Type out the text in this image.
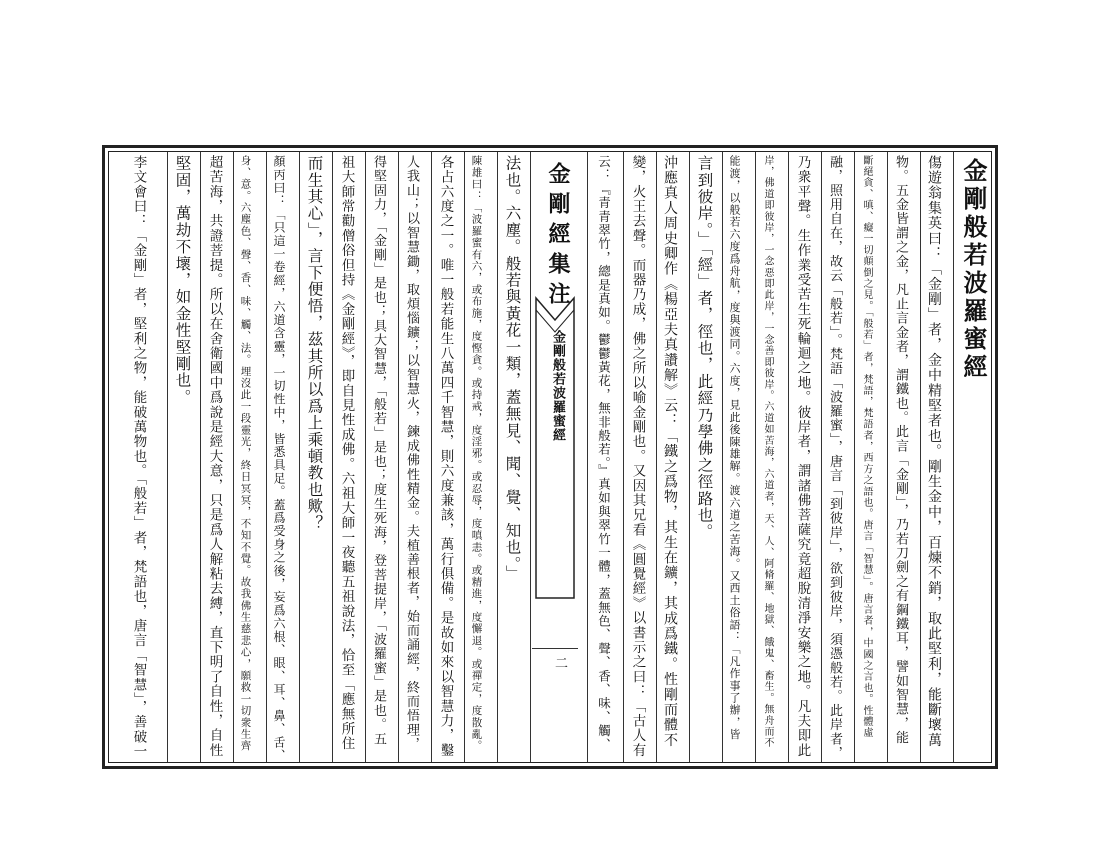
金剛般若波羅蜜經
傷遊翁集英曰：「金剛」者，金中精堅者也。剛生金中，百煉不銷，取此堅利，能斷壞萬
物。五金皆謂之金，凡止言金者，謂鐵也。此言「金剛」，乃若刀劍之有鋼鐵耳，譬如智慧，能
斷絕貪、嗔、癡一切顛倒之見。「般若」者，梵語，梵語者，西方之語也。唐言「智慧」。唐言者，中國之言也。性體虛
融，照用自在，故云「般若」。梵語「波羅蜜」，唐言「到彼岸」，欲到彼岸，須憑般若。此岸者，
乃衆平聲。生作業受苦生死輪迴之地。彼岸者，謂諸佛菩薩究竟超脫清淨安樂之地。凡夫即此
岸，佛道即彼岸，一念惡即此岸，一念善即彼岸。六道如苦海，六道者，天、人、阿脩羅、地獄、餓鬼、畜生。無舟而不
能渡，以般若六度爲舟航，度與渡同。六度，見此後陳雄解。渡六道之苦海。又西土俗語：「凡作事了辦，皆
言到彼岸。」「經」者，徑也，此經乃學佛之徑路也。
沖應真人周史卿作《楊亞夫真讚解》云：「鐵之爲物，其生在鑛，其成爲鐵。性剛而體不
變，火王去聲。而器乃成，佛之所以喻金剛也。又因其兄看《圓覺經》以書示之曰：「古人有
云：『青青翠竹，總是真如。鬱鬱黃花，無非般若。』真如與翠竹一體，蓋無色、聲、香、味、觸、
金剛經集注
金剛般若波羅蜜經
二
法也。六塵。般若與黃花一類，蓋無見、聞、覺、知也。」
陳雄曰：「波羅蜜有六，或布施，度慳貪。或持戒，度淫邪。或忍辱，度嗔恚。或精進，度懈退。或禪定，度散亂。
各占六度之一。唯一般若能生八萬四千智慧，則六度兼該，萬行俱備。是故如來以智慧力，鑿
人我山；以智慧鋤，取煩惱鑛；以智慧火，鍊成佛性精金。夫植善根者，始而誦經，終而悟理，
得堅固力，「金剛」是也；具大智慧，「般若」是也；度生死海，登菩提岸，「波羅蜜」是也。五
祖大師常勸僧俗但持《金剛經》，即自見性成佛。六祖大師一夜聽五祖說法，恰至「應無所住
而生其心」，言下便悟，茲其所以爲上乘頓教也歟？
顏丙曰：「只這一卷經，六道含靈，一切性中，皆悉具足。蓋爲受身之後，妄爲六根、眼、耳、鼻、舌、
身、意。六塵色、聲、香、味、觸、法。埋沒此一段靈光，終日冥冥，不知不覺。故我佛生慈悲心，願救一切衆生齊
超苦海，共證菩提。所以在舍衛國中爲說是經大意，只是爲人解粘去縛，直下明了自性，自性
堅固，萬劫不壞，如金性堅剛也。
李文會曰：「金剛」者，堅利之物，能破萬物也。「般若」者，梵語也，唐言「智慧」，善破一
